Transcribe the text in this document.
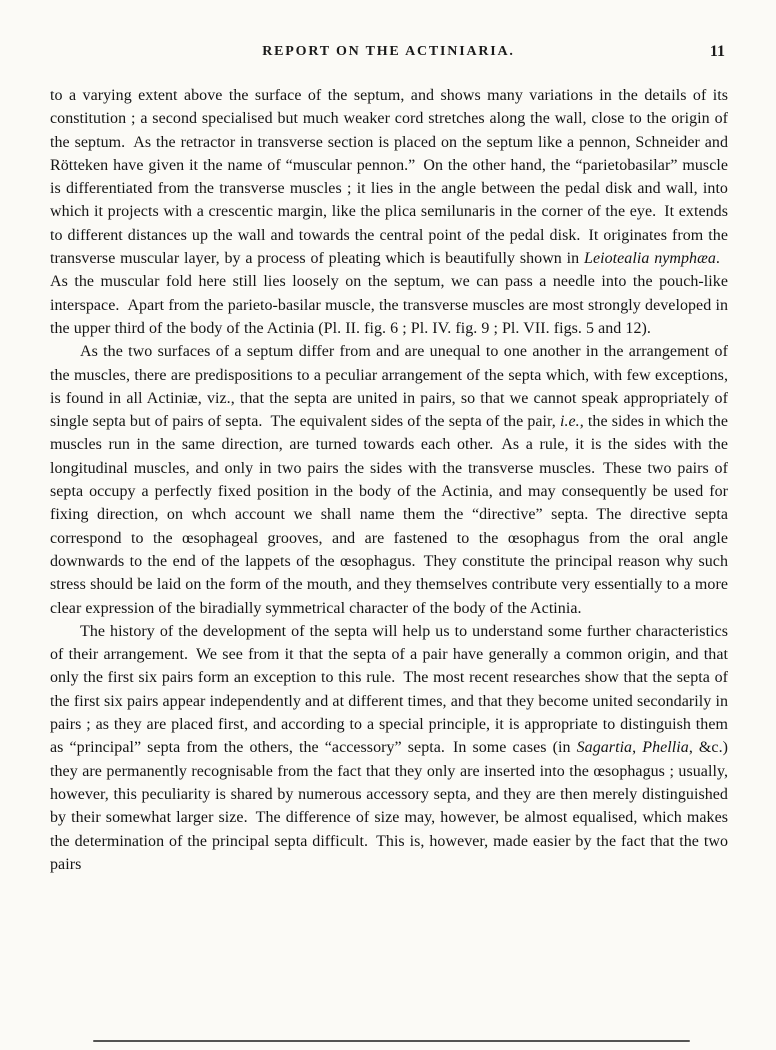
REPORT ON THE ACTINIARIA.	11

to a varying extent above the surface of the septum, and shows many variations in the details of its constitution ; a second specialised but much weaker cord stretches along the wall, close to the origin of the septum. As the retractor in transverse section is placed on the septum like a pennon, Schneider and Rötteken have given it the name of “muscular pennon.” On the other hand, the “parietobasilar” muscle is differentiated from the transverse muscles ; it lies in the angle between the pedal disk and wall, into which it projects with a crescentic margin, like the plica semilunaris in the corner of the eye. It extends to different distances up the wall and towards the central point of the pedal disk. It originates from the transverse muscular layer, by a process of pleating which is beautifully shown in Leiotealia nymphæa. As the muscular fold here still lies loosely on the septum, we can pass a needle into the pouch-like interspace. Apart from the parieto-basilar muscle, the transverse muscles are most strongly developed in the upper third of the body of the Actinia (Pl. II. fig. 6 ; Pl. IV. fig. 9 ; Pl. VII. figs. 5 and 12).

As the two surfaces of a septum differ from and are unequal to one another in the arrangement of the muscles, there are predispositions to a peculiar arrangement of the septa which, with few exceptions, is found in all Actiniæ, viz., that the septa are united in pairs, so that we cannot speak appropriately of single septa but of pairs of septa. The equivalent sides of the septa of the pair, i.e., the sides in which the muscles run in the same direction, are turned towards each other. As a rule, it is the sides with the longitudinal muscles, and only in two pairs the sides with the transverse muscles. These two pairs of septa occupy a perfectly fixed position in the body of the Actinia, and may consequently be used for fixing direction, on whch account we shall name them the “directive” septa. The directive septa correspond to the œsophageal grooves, and are fastened to the œsophagus from the oral angle downwards to the end of the lappets of the œsophagus. They constitute the principal reason why such stress should be laid on the form of the mouth, and they themselves contribute very essentially to a more clear expression of the biradially symmetrical character of the body of the Actinia.

The history of the development of the septa will help us to understand some further characteristics of their arrangement. We see from it that the septa of a pair have generally a common origin, and that only the first six pairs form an exception to this rule. The most recent researches show that the septa of the first six pairs appear independently and at different times, and that they become united secondarily in pairs ; as they are placed first, and according to a special principle, it is appropriate to distinguish them as “principal” septa from the others, the “accessory” septa. In some cases (in Sagartia, Phellia, &c.) they are permanently recognisable from the fact that they only are inserted into the œsophagus ; usually, however, this peculiarity is shared by numerous accessory septa, and they are then merely distinguished by their somewhat larger size. The difference of size may, however, be almost equalised, which makes the determination of the principal septa difficult. This is, however, made easier by the fact that the two pairs
